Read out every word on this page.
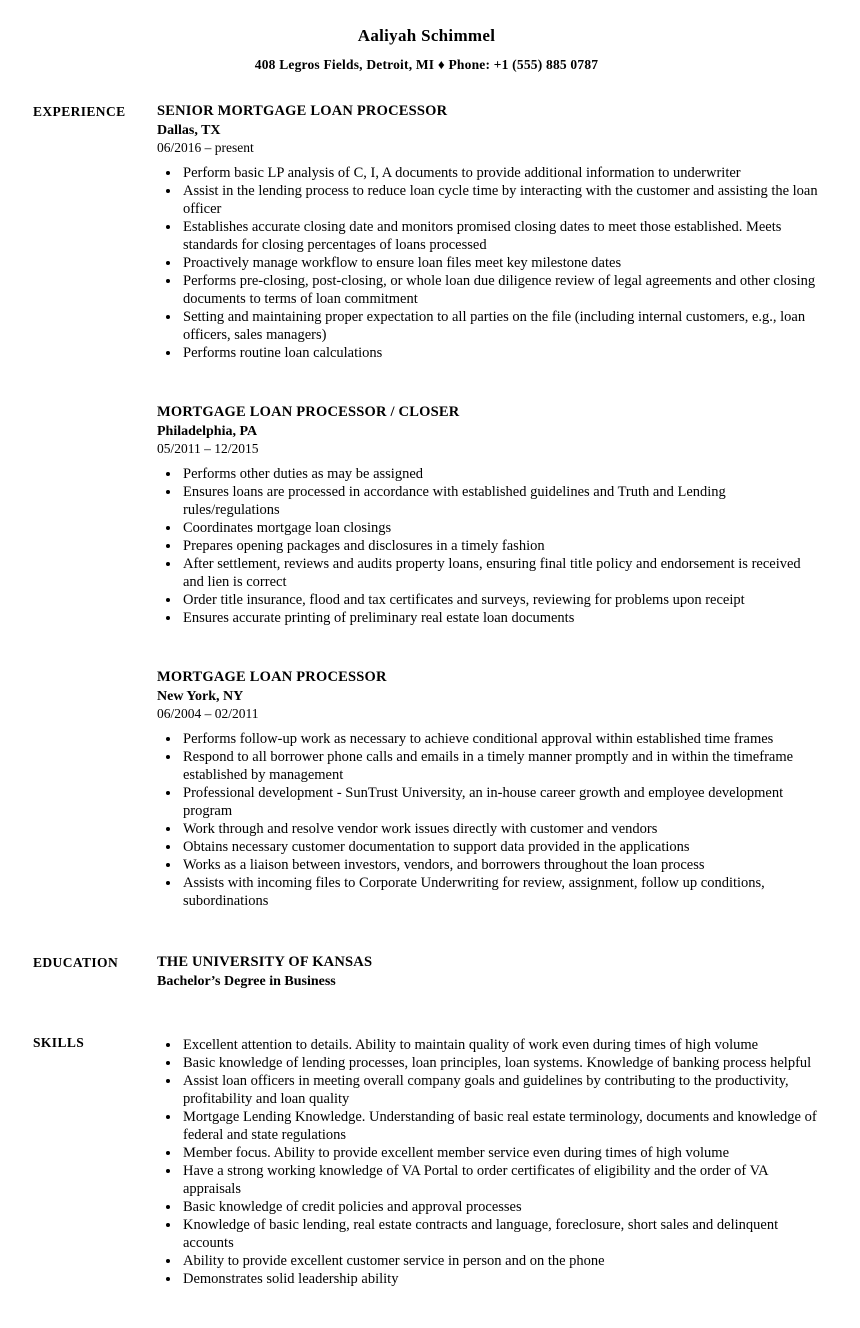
Aaliyah Schimmel
408 Legros Fields, Detroit, MI ♦ Phone: +1 (555) 885 0787
EXPERIENCE	SENIOR MORTGAGE LOAN PROCESSOR
Dallas, TX
06/2016 – present
• Perform basic LP analysis of C, I, A documents to provide additional information to underwriter
• Assist in the lending process to reduce loan cycle time by interacting with the customer and assisting the loan officer
• Establishes accurate closing date and monitors promised closing dates to meet those established. Meets standards for closing percentages of loans processed
• Proactively manage workflow to ensure loan files meet key milestone dates
• Performs pre-closing, post-closing, or whole loan due diligence review of legal agreements and other closing documents to terms of loan commitment
• Setting and maintaining proper expectation to all parties on the file (including internal customers, e.g., loan officers, sales managers)
• Performs routine loan calculations
MORTGAGE LOAN PROCESSOR / CLOSER
Philadelphia, PA
05/2011 – 12/2015
• Performs other duties as may be assigned
• Ensures loans are processed in accordance with established guidelines and Truth and Lending rules/regulations
• Coordinates mortgage loan closings
• Prepares opening packages and disclosures in a timely fashion
• After settlement, reviews and audits property loans, ensuring final title policy and endorsement is received and lien is correct
• Order title insurance, flood and tax certificates and surveys, reviewing for problems upon receipt
• Ensures accurate printing of preliminary real estate loan documents
MORTGAGE LOAN PROCESSOR
New York, NY
06/2004 – 02/2011
• Performs follow-up work as necessary to achieve conditional approval within established time frames
• Respond to all borrower phone calls and emails in a timely manner promptly and in within the timeframe established by management
• Professional development - SunTrust University, an in-house career growth and employee development program
• Work through and resolve vendor work issues directly with customer and vendors
• Obtains necessary customer documentation to support data provided in the applications
• Works as a liaison between investors, vendors, and borrowers throughout the loan process
• Assists with incoming files to Corporate Underwriting for review, assignment, follow up conditions, subordinations
EDUCATION	THE UNIVERSITY OF KANSAS
Bachelor’s Degree in Business
SKILLS	• Excellent attention to details. Ability to maintain quality of work even during times of high volume
• Basic knowledge of lending processes, loan principles, loan systems. Knowledge of banking process helpful
• Assist loan officers in meeting overall company goals and guidelines by contributing to the productivity, profitability and loan quality
• Mortgage Lending Knowledge. Understanding of basic real estate terminology, documents and knowledge of federal and state regulations
• Member focus. Ability to provide excellent member service even during times of high volume
• Have a strong working knowledge of VA Portal to order certificates of eligibility and the order of VA appraisals
• Basic knowledge of credit policies and approval processes
• Knowledge of basic lending, real estate contracts and language, foreclosure, short sales and delinquent accounts
• Ability to provide excellent customer service in person and on the phone
• Demonstrates solid leadership ability
